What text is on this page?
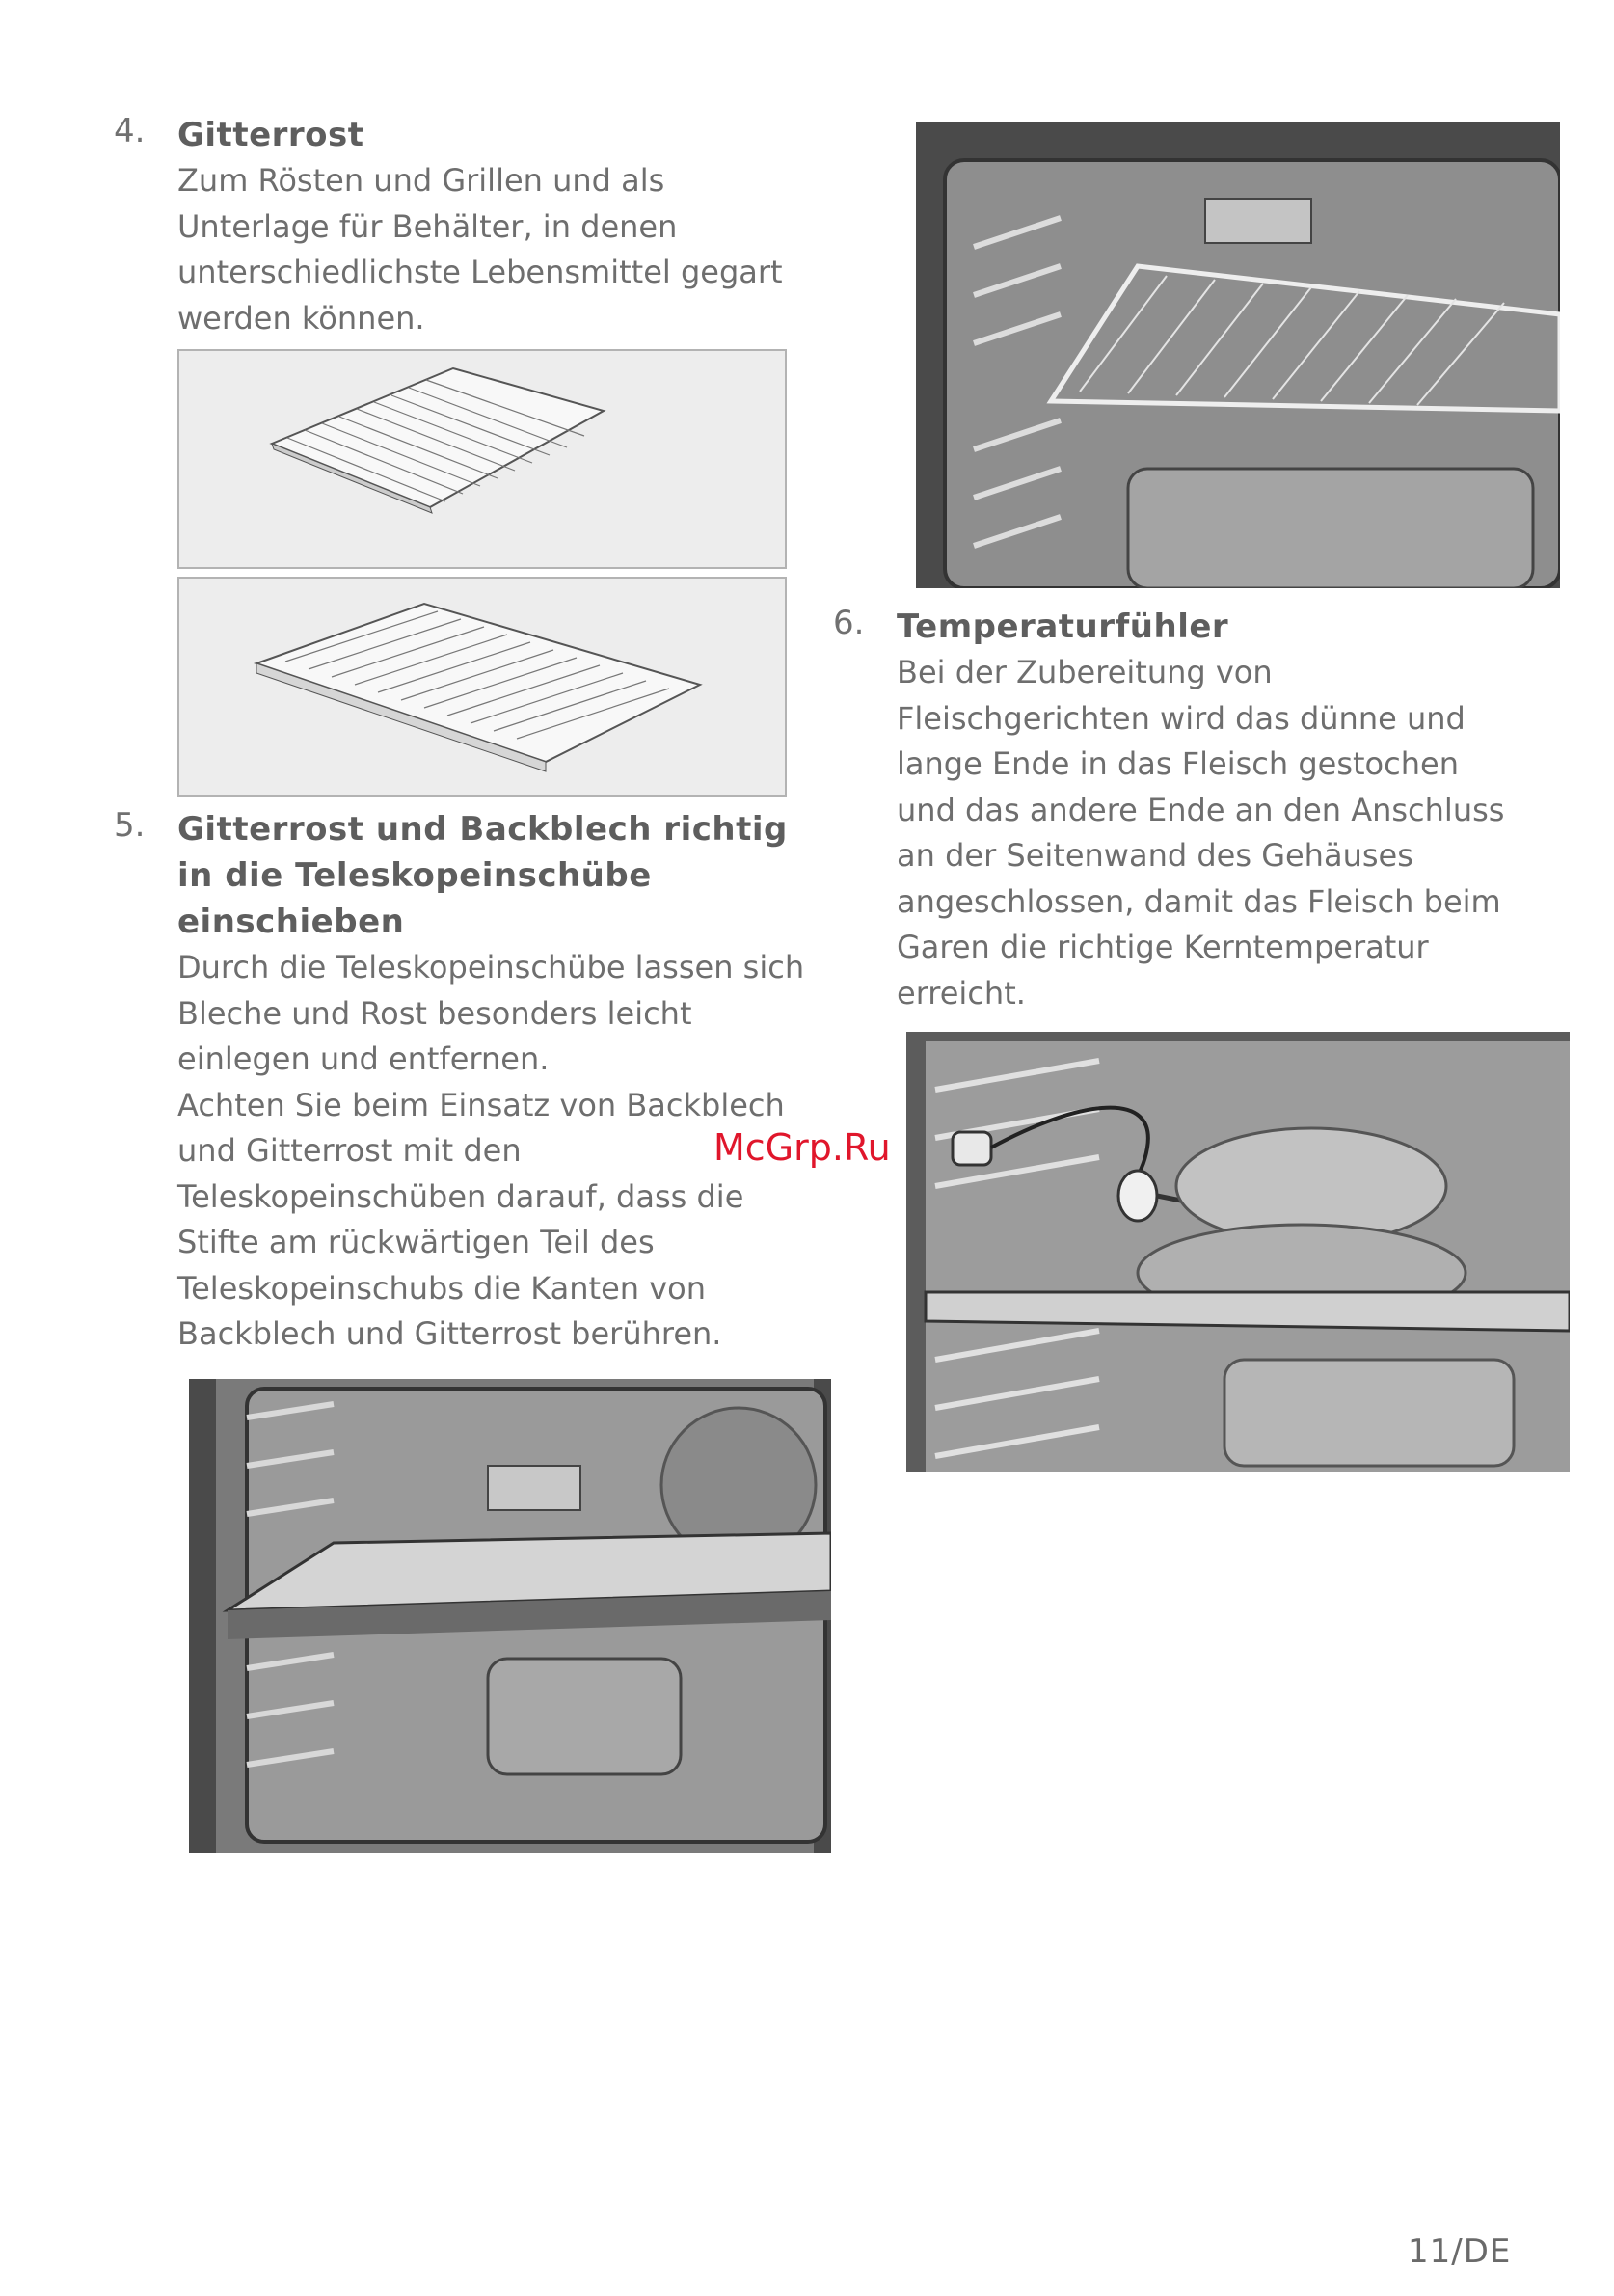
4. Gitterrost
Zum Rösten und Grillen und als
Unterlage für Behälter, in denen
unterschiedlichste Lebensmittel gegart
werden können.
5. Gitterrost und Backblech richtig
in die Teleskopeinschübe
einschieben
Durch die Teleskopeinschübe lassen sich
Bleche und Rost besonders leicht
einlegen und entfernen.
Achten Sie beim Einsatz von Backblech
und Gitterrost mit den
Teleskopeinschüben darauf, dass die
Stifte am rückwärtigen Teil des
Teleskopeinschubs die Kanten von
Backblech und Gitterrost berühren.
6. Temperaturfühler
Bei der Zubereitung von
Fleischgerichten wird das dünne und
lange Ende in das Fleisch gestochen
und das andere Ende an den Anschluss
an der Seitenwand des Gehäuses
angeschlossen, damit das Fleisch beim
Garen die richtige Kerntemperatur
erreicht.
McGrp.Ru
11/DE
